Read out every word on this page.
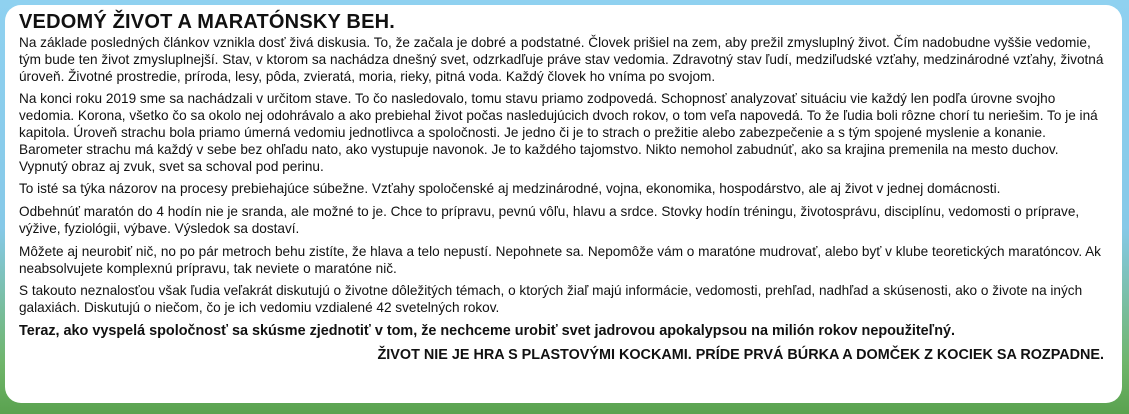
VEDOMÝ ŽIVOT A MARATÓNSKY BEH.

Na základe posledných článkov vznikla dosť živá diskusia. To, že začala je dobré a podstatné. Človek prišiel na zem, aby prežil zmysluplný život. Čím nadobudne vyššie vedomie, tým bude ten život zmysluplnejší. Stav, v ktorom sa nachádza dnešný svet, odzrkadľuje práve stav vedomia. Zdravotný stav ľudí, medziľudské vzťahy, medzinárodné vzťahy, životná úroveň. Životné prostredie, príroda, lesy, pôda, zvieratá, moria, rieky, pitná voda. Každý človek ho vníma po svojom.

Na konci roku 2019 sme sa nachádzali v určitom stave. To čo nasledovalo, tomu stavu priamo zodpovedá. Schopnosť analyzovať situáciu vie každý len podľa úrovne svojho vedomia. Korona, všetko čo sa okolo nej odohrávalo a ako prebiehal život počas nasledujúcich dvoch rokov, o tom veľa napovedá. To že ľudia boli rôzne chorí tu neriešim. To je iná kapitola. Úroveň strachu bola priamo úmerná vedomiu jednotlivca a spoločnosti. Je jedno či je to strach o prežitie alebo zabezpečenie a s tým spojené myslenie a konanie. Barometer strachu má každý v sebe bez ohľadu nato, ako vystupuje navonok. Je to každého tajomstvo. Nikto nemohol zabudnúť, ako sa krajina premenila na mesto duchov. Vypnutý obraz aj zvuk, svet sa schoval pod perinu.

To isté sa týka názorov na procesy prebiehajúce súbežne. Vzťahy spoločenské aj medzinárodné, vojna, ekonomika, hospodárstvo, ale aj život v jednej domácnosti.

Odbehnúť maratón do 4 hodín nie je sranda, ale možné to je. Chce to prípravu, pevnú vôľu, hlavu a srdce. Stovky hodín tréningu, životosprávu, disciplínu, vedomosti o príprave, výžive, fyziológii, výbave. Výsledok sa dostaví.

Môžete aj neurobiť nič, no po pár metroch behu zistíte, že hlava a telo nepustí. Nepohnete sa. Nepomôže vám o maratóne mudrovať, alebo byť v klube teoretických maratóncov. Ak neabsolvujete komplexnú prípravu, tak neviete o maratóne nič.

S takouto neznalosťou však ľudia veľakrát diskutujú o životne dôležitých témach, o ktorých žiaľ majú informácie, vedomosti, prehľad, nadhľad a skúsenosti, ako o živote na iných galaxiách. Diskutujú o niečom, čo je ich vedomiu vzdialené 42 svetelných rokov.

Teraz, ako vyspelá spoločnosť sa skúsme zjednotiť v tom, že nechceme urobiť svet jadrovou apokalypsou na milión rokov nepoužiteľný.

ŽIVOT NIE JE HRA S PLASTOVÝMI KOCKAMI. PRÍDE PRVÁ BÚRKA A DOMČEK Z KOCIEK SA ROZPADNE.
